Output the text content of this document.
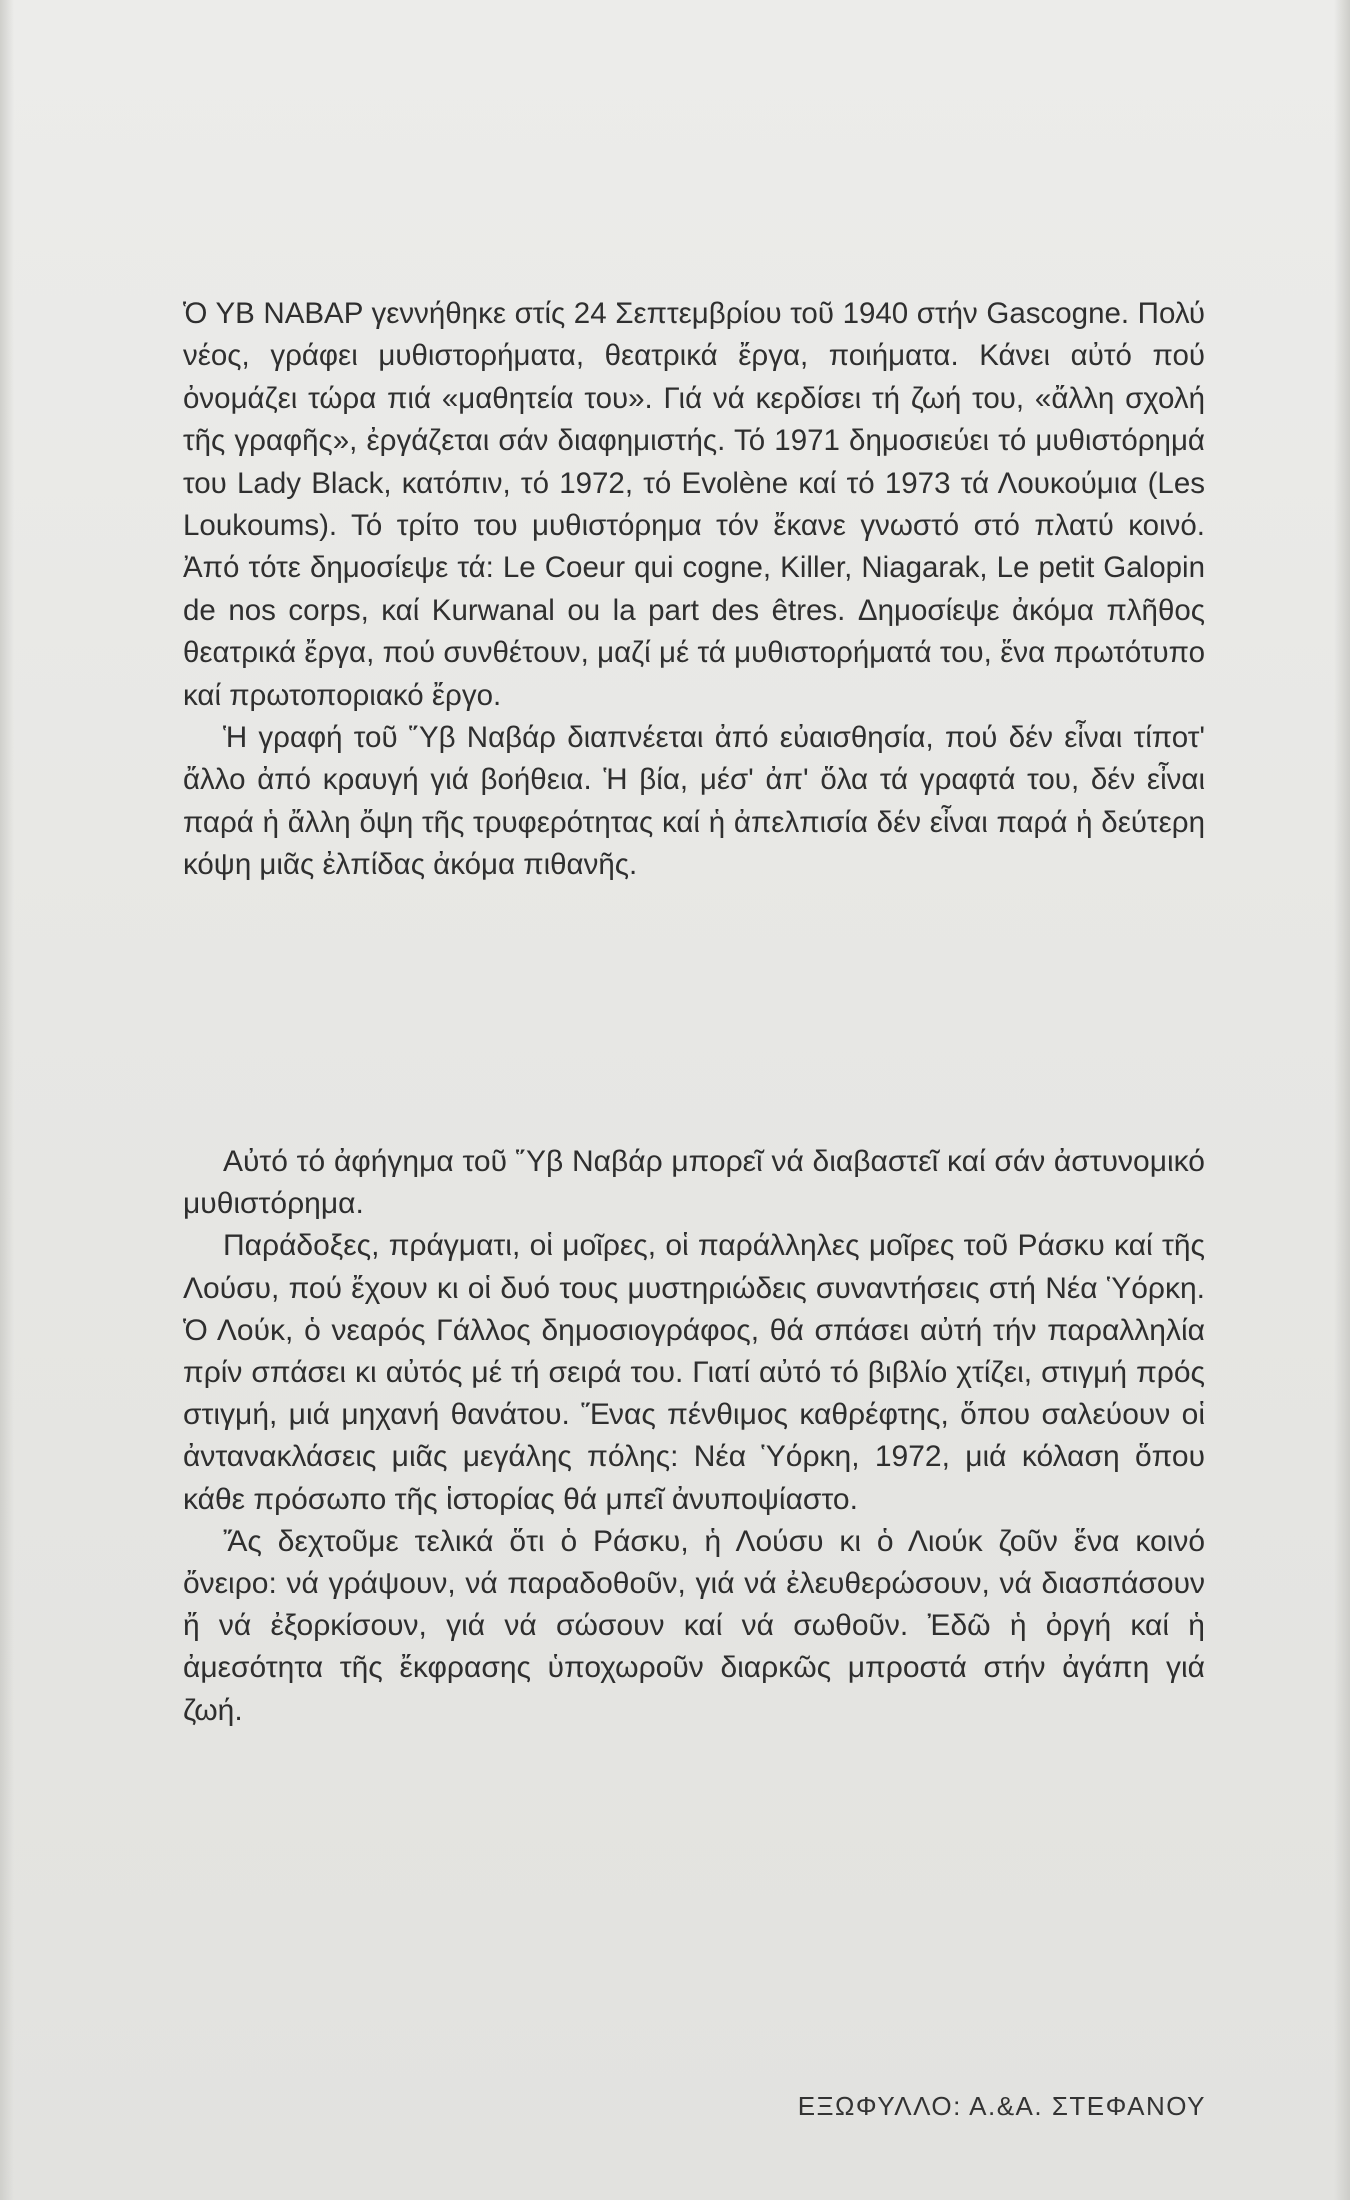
Ὁ ΥΒ ΝΑΒΑΡ γεννήθηκε στίς 24 Σεπτεμβρίου τοῦ 1940 στήν Gascogne. Πολύ νέος, γράφει μυθιστορήματα, θεατρικά ἔργα, ποιήματα. Κάνει αὐτό πού ὀνομάζει τώρα πιά «μαθητεία του». Γιά νά κερδίσει τή ζωή του, «ἄλλη σχολή τῆς γραφῆς», ἐργάζεται σάν διαφημιστής. Τό 1971 δημοσιεύει τό μυθιστόρημά του Lady Black, κατόπιν, τό 1972, τό Evolène καί τό 1973 τά Λουκούμια (Les Loukoums). Τό τρίτο του μυθιστόρημα τόν ἔκανε γνωστό στό πλατύ κοινό. Ἀπό τότε δημοσίεψε τά: Le Coeur qui cogne, Killer, Niagarak, Le petit Galopin de nos corps, καί Kurwanal ou la part des êtres. Δημοσίεψε ἀκόμα πλῆθος θεατρικά ἔργα, πού συνθέτουν, μαζί μέ τά μυθιστορήματά του, ἕνα πρωτότυπο καί πρωτοποριακό ἔργο.

Ἡ γραφή τοῦ Ὕβ Ναβάρ διαπνέεται ἀπό εὐαισθησία, πού δέν εἶναι τίποτ' ἄλλο ἀπό κραυγή γιά βοήθεια. Ἡ βία, μέσ' ἀπ' ὅλα τά γραφτά του, δέν εἶναι παρά ἡ ἄλλη ὄψη τῆς τρυφερότητας καί ἡ ἀπελπισία δέν εἶναι παρά ἡ δεύτερη κόψη μιᾶς ἐλπίδας ἀκόμα πιθανῆς.

Αὐτό τό ἀφήγημα τοῦ Ὕβ Ναβάρ μπορεῖ νά διαβαστεῖ καί σάν ἀστυνομικό μυθιστόρημα.

Παράδοξες, πράγματι, οἱ μοῖρες, οἱ παράλληλες μοῖρες τοῦ Ράσκυ καί τῆς Λούσυ, πού ἔχουν κι οἱ δυό τους μυστηριώδεις συναντήσεις στή Νέα Ὑόρκη. Ὁ Λούκ, ὁ νεαρός Γάλλος δημοσιογράφος, θά σπάσει αὐτή τήν παραλληλία πρίν σπάσει κι αὐτός μέ τή σειρά του. Γιατί αὐτό τό βιβλίο χτίζει, στιγμή πρός στιγμή, μιά μηχανή θανάτου. Ἕνας πένθιμος καθρέφτης, ὅπου σαλεύουν οἱ ἀντανακλάσεις μιᾶς μεγάλης πόλης: Νέα Ὑόρκη, 1972, μιά κόλαση ὅπου κάθε πρόσωπο τῆς ἱστορίας θά μπεῖ ἀνυποψίαστο.

Ἄς δεχτοῦμε τελικά ὅτι ὁ Ράσκυ, ἡ Λούσυ κι ὁ Λιούκ ζοῦν ἕνα κοινό ὄνειρο: νά γράψουν, νά παραδοθοῦν, γιά νά ἐλευθερώσουν, νά διασπάσουν ἤ νά ἐξορκίσουν, γιά νά σώσουν καί νά σωθοῦν. Ἐδῶ ἡ ὀργή καί ἡ ἀμεσότητα τῆς ἔκφρασης ὑποχωροῦν διαρκῶς μπροστά στήν ἀγάπη γιά ζωή.

ΕΞΩΦΥΛΛΟ: Α.&Α. ΣΤΕΦΑΝΟΥ
